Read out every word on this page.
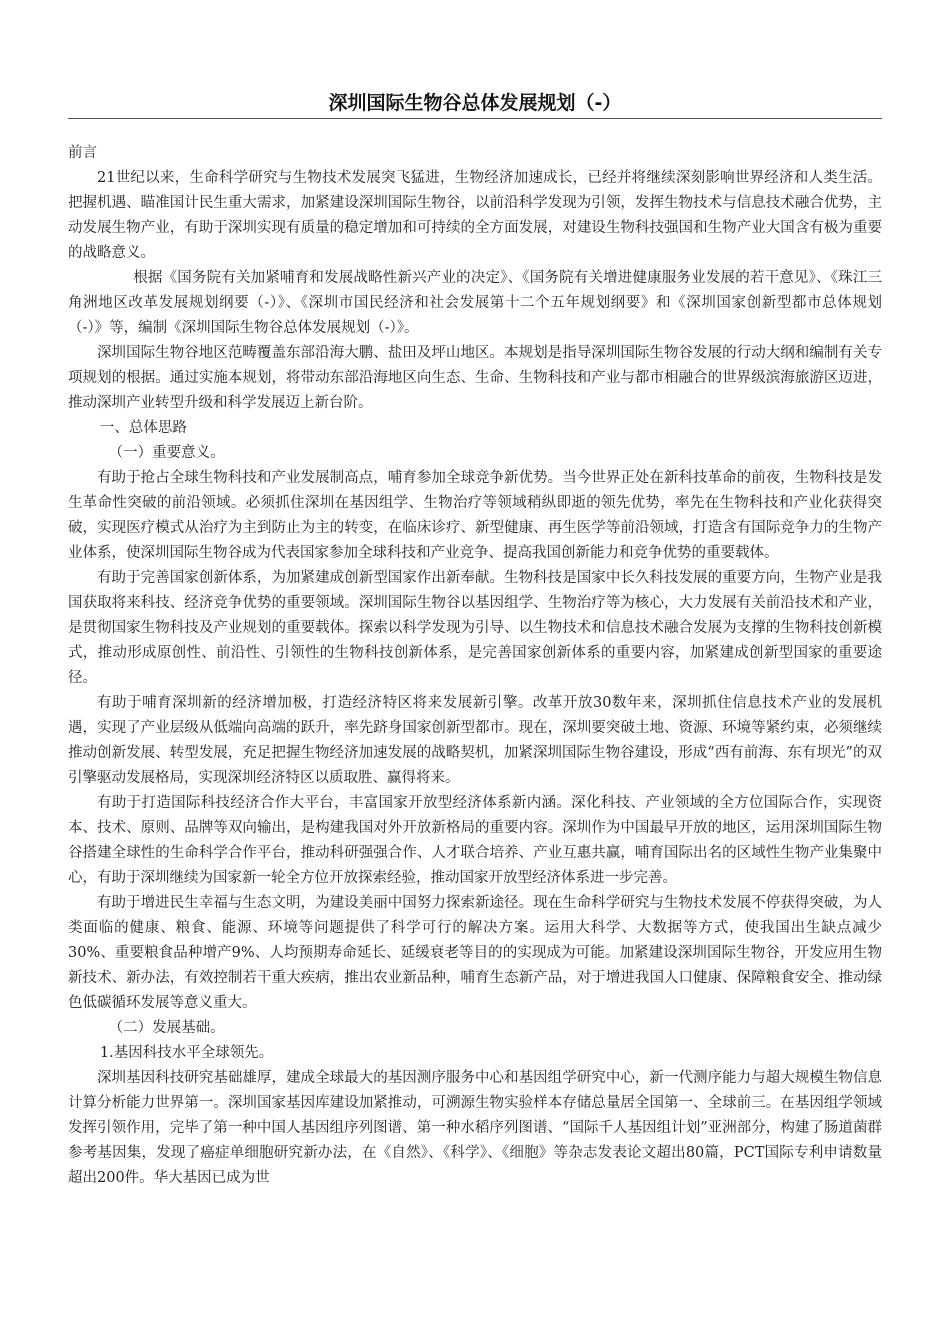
深圳国际生物谷总体发展规划（-）

前言

21世纪以来，生命科学研究与生物技术发展突飞猛进，生物经济加速成长，已经并将继续深刻影响世界经济和人类生活。把握机遇、瞄准国计民生重大需求，加紧建设深圳国际生物谷，以前沿科学发现为引领，发挥生物技术与信息技术融合优势，主动发展生物产业，有助于深圳实现有质量的稳定增加和可持续的全方面发展，对建设生物科技强国和生物产业大国含有极为重要的战略意义。

根据《国务院有关加紧哺育和发展战略性新兴产业的决定》、《国务院有关增进健康服务业发展的若干意见》、《珠江三角洲地区改革发展规划纲要（-）》、《深圳市国民经济和社会发展第十二个五年规划纲要》和《深圳国家创新型都市总体规划（-）》等，编制《深圳国际生物谷总体发展规划（-）》。

深圳国际生物谷地区范畴覆盖东部沿海大鹏、盐田及坪山地区。本规划是指导深圳国际生物谷发展的行动大纲和编制有关专项规划的根据。通过实施本规划，将带动东部沿海地区向生态、生命、生物科技和产业与都市相融合的世界级滨海旅游区迈进，推动深圳产业转型升级和科学发展迈上新台阶。

一、总体思路

（一）重要意义。

有助于抢占全球生物科技和产业发展制高点，哺育参加全球竞争新优势。当今世界正处在新科技革命的前夜，生物科技是发生革命性突破的前沿领域。必须抓住深圳在基因组学、生物治疗等领域稍纵即逝的领先优势，率先在生物科技和产业化获得突破，实现医疗模式从治疗为主到防止为主的转变，在临床诊疗、新型健康、再生医学等前沿领域，打造含有国际竞争力的生物产业体系，使深圳国际生物谷成为代表国家参加全球科技和产业竞争、提高我国创新能力和竞争优势的重要载体。

有助于完善国家创新体系，为加紧建成创新型国家作出新奉献。生物科技是国家中长久科技发展的重要方向，生物产业是我国获取将来科技、经济竞争优势的重要领域。深圳国际生物谷以基因组学、生物治疗等为核心，大力发展有关前沿技术和产业，是贯彻国家生物科技及产业规划的重要载体。探索以科学发现为引导、以生物技术和信息技术融合发展为支撑的生物科技创新模式，推动形成原创性、前沿性、引领性的生物科技创新体系，是完善国家创新体系的重要内容，加紧建成创新型国家的重要途径。

有助于哺育深圳新的经济增加极，打造经济特区将来发展新引擎。改革开放30数年来，深圳抓住信息技术产业的发展机遇，实现了产业层级从低端向高端的跃升，率先跻身国家创新型都市。现在，深圳要突破土地、资源、环境等紧约束，必须继续推动创新发展、转型发展，充足把握生物经济加速发展的战略契机，加紧深圳国际生物谷建设，形成“西有前海、东有坝光”的双引擎驱动发展格局，实现深圳经济特区以质取胜、赢得将来。

有助于打造国际科技经济合作大平台，丰富国家开放型经济体系新内涵。深化科技、产业领域的全方位国际合作，实现资本、技术、原则、品牌等双向输出，是构建我国对外开放新格局的重要内容。深圳作为中国最早开放的地区，运用深圳国际生物谷搭建全球性的生命科学合作平台，推动科研强强合作、人才联合培养、产业互惠共赢，哺育国际出名的区域性生物产业集聚中心，有助于深圳继续为国家新一轮全方位开放探索经验，推动国家开放型经济体系进一步完善。

有助于增进民生幸福与生态文明，为建设美丽中国努力探索新途径。现在生命科学研究与生物技术发展不停获得突破，为人类面临的健康、粮食、能源、环境等问题提供了科学可行的解决方案。运用大科学、大数据等方式，使我国出生缺点减少30%、重要粮食品种增产9%、人均预期寿命延长、延缓衰老等目的的实现成为可能。加紧建设深圳国际生物谷，开发应用生物新技术、新办法，有效控制若干重大疾病，推出农业新品种，哺育生态新产品，对于增进我国人口健康、保障粮食安全、推动绿色低碳循环发展等意义重大。

（二）发展基础。

1.基因科技水平全球领先。

深圳基因科技研究基础雄厚，建成全球最大的基因测序服务中心和基因组学研究中心，新一代测序能力与超大规模生物信息计算分析能力世界第一。深圳国家基因库建设加紧推动，可溯源生物实验样本存储总量居全国第一、全球前三。在基因组学领域发挥引领作用，完毕了第一种中国人基因组序列图谱、第一种水稻序列图谱、“国际千人基因组计划”亚洲部分，构建了肠道菌群参考基因集，发现了癌症单细胞研究新办法，在《自然》、《科学》、《细胞》等杂志发表论文超出80篇，PCT国际专利申请数量超出200件。华大基因已成为世
